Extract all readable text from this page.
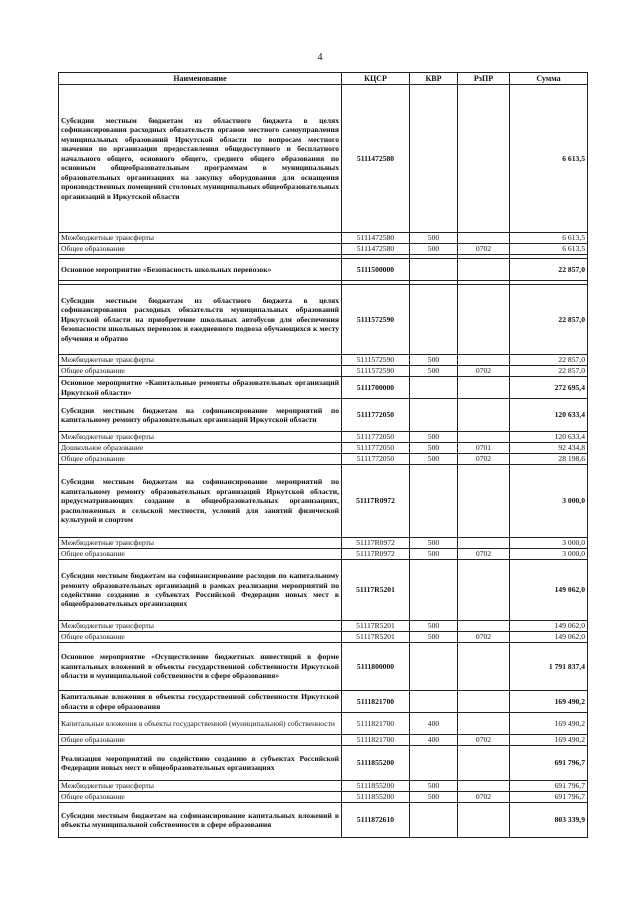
4
Наименование	КЦСР	КВР	РзПР	Сумма
Субсидии местным бюджетам из областного бюджета в целях софинансирования расходных обязательств органов местного самоуправления муниципальных образований Иркутской области по вопросам местного значения по организации предоставления общедоступного и бесплатного начального общего, основного общего, среднего общего образования по основным общеобразовательным программам в муниципальных образовательных организациях на закупку оборудования для оснащения производственных помещений столовых муниципальных общеобразовательных организаций в Иркутской области	5111472580			6 613,5
Межбюджетные трансферты	5111472580	500		6 613,5
Общее образование	5111472580	500	0702	6 613,5

Основное мероприятие «Безопасность школьных перевозок»	5111500000			22 857,0

Субсидии местным бюджетам из областного бюджета в целях софинансирования расходных обязательств муниципальных образований Иркутской области на приобретение школьных автобусов для обеспечения безопасности школьных перевозок и ежедневного подвоза обучающихся к месту обучения и обратно	5111572590			22 857,0
Межбюджетные трансферты	5111572590	500		22 857,0
Общее образование	5111572590	500	0702	22 857,0
Основное мероприятие «Капитальные ремонты образовательных организаций Иркутской области»	5111700000			272 695,4
Субсидии местным бюджетам на софинансирование мероприятий по капитальному ремонту образовательных организаций Иркутской области	5111772050			120 633,4
Межбюджетные трансферты	5111772050	500		120 633,4
Дошкольное образование	5111772050	500	0701	92 434,8
Общее образование	5111772050	500	0702	28 198,6
Субсидии местным бюджетам на софинансирование мероприятий по капитальному ремонту образовательных организаций Иркутской области, предусматривающих создание в общеобразовательных организациях, расположенных в сельской местности, условий для занятий физической культурой и спортом	51117R0972			3 000,0
Межбюджетные трансферты	51117R0972	500		3 000,0
Общее образование	51117R0972	500	0702	3 000,0
Субсидии местным бюджетам на софинансирование расходов по капитальному ремонту образовательных организаций в рамках реализации мероприятий по содействию созданию в субъектах Российской Федерации новых мест в общеобразовательных организациях	51117R5201			149 062,0
Межбюджетные трансферты	51117R5201	500		149 062,0
Общее образование	51117R5201	500	0702	149 062,0
Основное мероприятие «Осуществление бюджетных инвестиций в форме капитальных вложений в объекты государственной собственности Иркутской области и муниципальной собственности в сфере образования»	5111800000			1 791 837,4
Капитальные вложения в объекты государственной собственности Иркутской области в сфере образования	5111821700			169 490,2
Капитальные вложения в объекты государственной (муниципальной) собственности	5111821700	400		169 490,2
Общее образование	5111821700	400	0702	169 490,2
Реализация мероприятий по содействию созданию в субъектах Российской Федерации новых мест в общеобразовательных организациях	5111855200			691 796,7
Межбюджетные трансферты	5111855200	500		691 796,7
Общее образование	5111855200	500	0702	691 796,7
Субсидии местным бюджетам на софинансирование капитальных вложений в объекты муниципальной собственности в сфере образования	5111872610			803 339,9
